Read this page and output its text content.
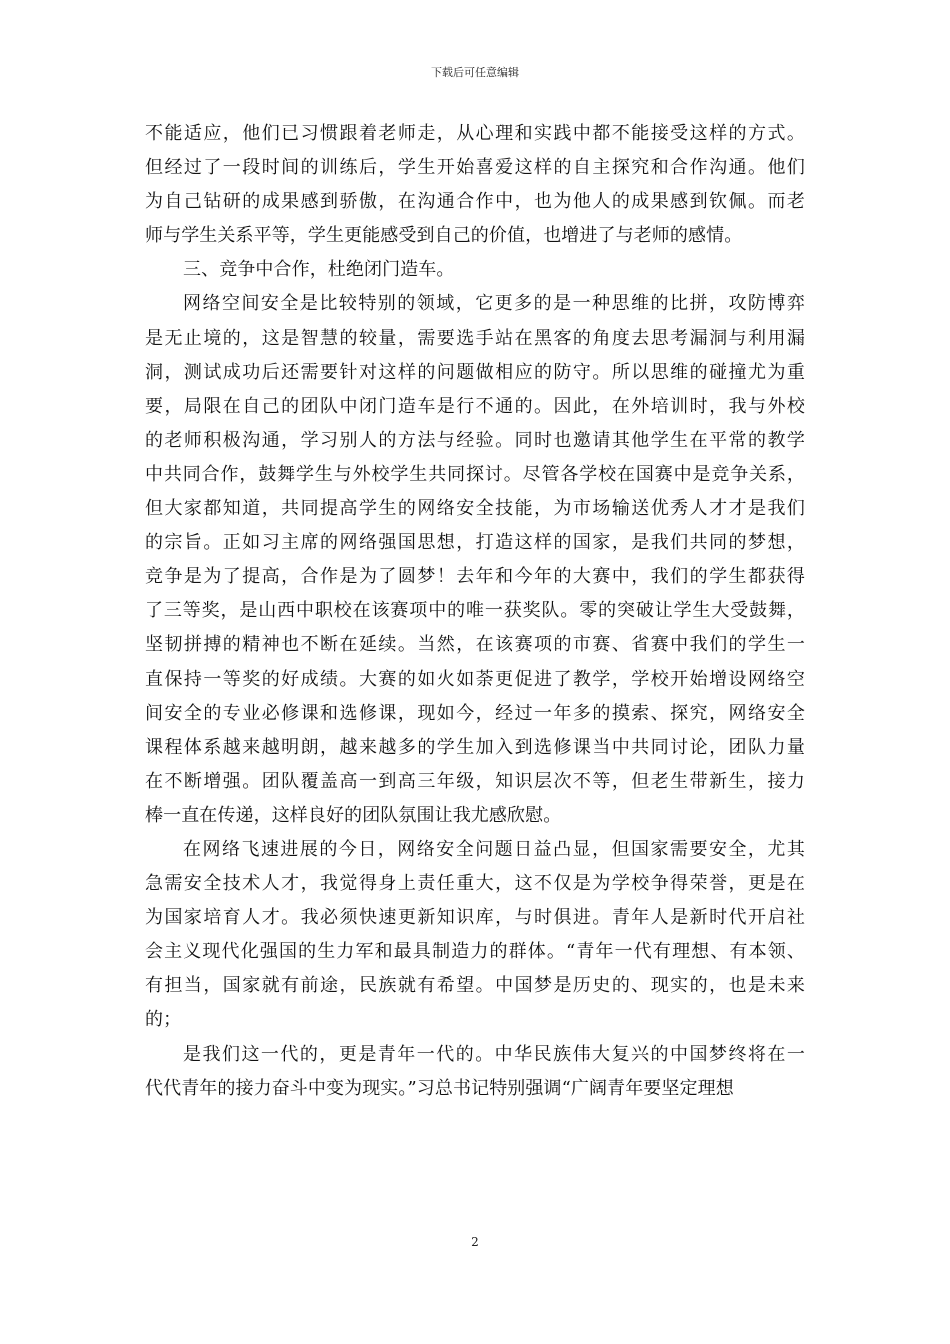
下载后可任意编辑
不能适应，他们已习惯跟着老师走，从心理和实践中都不能接受这样的方式。
但经过了一段时间的训练后，学生开始喜爱这样的自主探究和合作沟通。他们
为自己钻研的成果感到骄傲，在沟通合作中，也为他人的成果感到钦佩。而老
师与学生关系平等，学生更能感受到自己的价值，也增进了与老师的感情。
三、竞争中合作，杜绝闭门造车。
网络空间安全是比较特别的领域，它更多的是一种思维的比拼，攻防博弈
是无止境的，这是智慧的较量，需要选手站在黑客的角度去思考漏洞与利用漏
洞，测试成功后还需要针对这样的问题做相应的防守。所以思维的碰撞尤为重
要，局限在自己的团队中闭门造车是行不通的。因此，在外培训时，我与外校
的老师积极沟通，学习别人的方法与经验。同时也邀请其他学生在平常的教学
中共同合作，鼓舞学生与外校学生共同探讨。尽管各学校在国赛中是竞争关系，
但大家都知道，共同提高学生的网络安全技能，为市场输送优秀人才才是我们
的宗旨。正如习主席的网络强国思想，打造这样的国家，是我们共同的梦想，
竞争是为了提高，合作是为了圆梦！去年和今年的大赛中，我们的学生都获得
了三等奖，是山西中职校在该赛项中的唯一获奖队。零的突破让学生大受鼓舞，
坚韧拼搏的精神也不断在延续。当然，在该赛项的市赛、省赛中我们的学生一
直保持一等奖的好成绩。大赛的如火如荼更促进了教学，学校开始增设网络空
间安全的专业必修课和选修课，现如今，经过一年多的摸索、探究，网络安全
课程体系越来越明朗，越来越多的学生加入到选修课当中共同讨论，团队力量
在不断增强。团队覆盖高一到高三年级，知识层次不等，但老生带新生，接力
棒一直在传递，这样良好的团队氛围让我尤感欣慰。
在网络飞速进展的今日，网络安全问题日益凸显，但国家需要安全，尤其
急需安全技术人才，我觉得身上责任重大，这不仅是为学校争得荣誉，更是在
为国家培育人才。我必须快速更新知识库，与时俱进。青年人是新时代开启社
会主义现代化强国的生力军和最具制造力的群体。“青年一代有理想、有本领、
有担当，国家就有前途，民族就有希望。中国梦是历史的、现实的，也是未来
的；
是我们这一代的，更是青年一代的。中华民族伟大复兴的中国梦终将在一
代代青年的接力奋斗中变为现实。”习总书记特别强调“广阔青年要坚定理想
2
